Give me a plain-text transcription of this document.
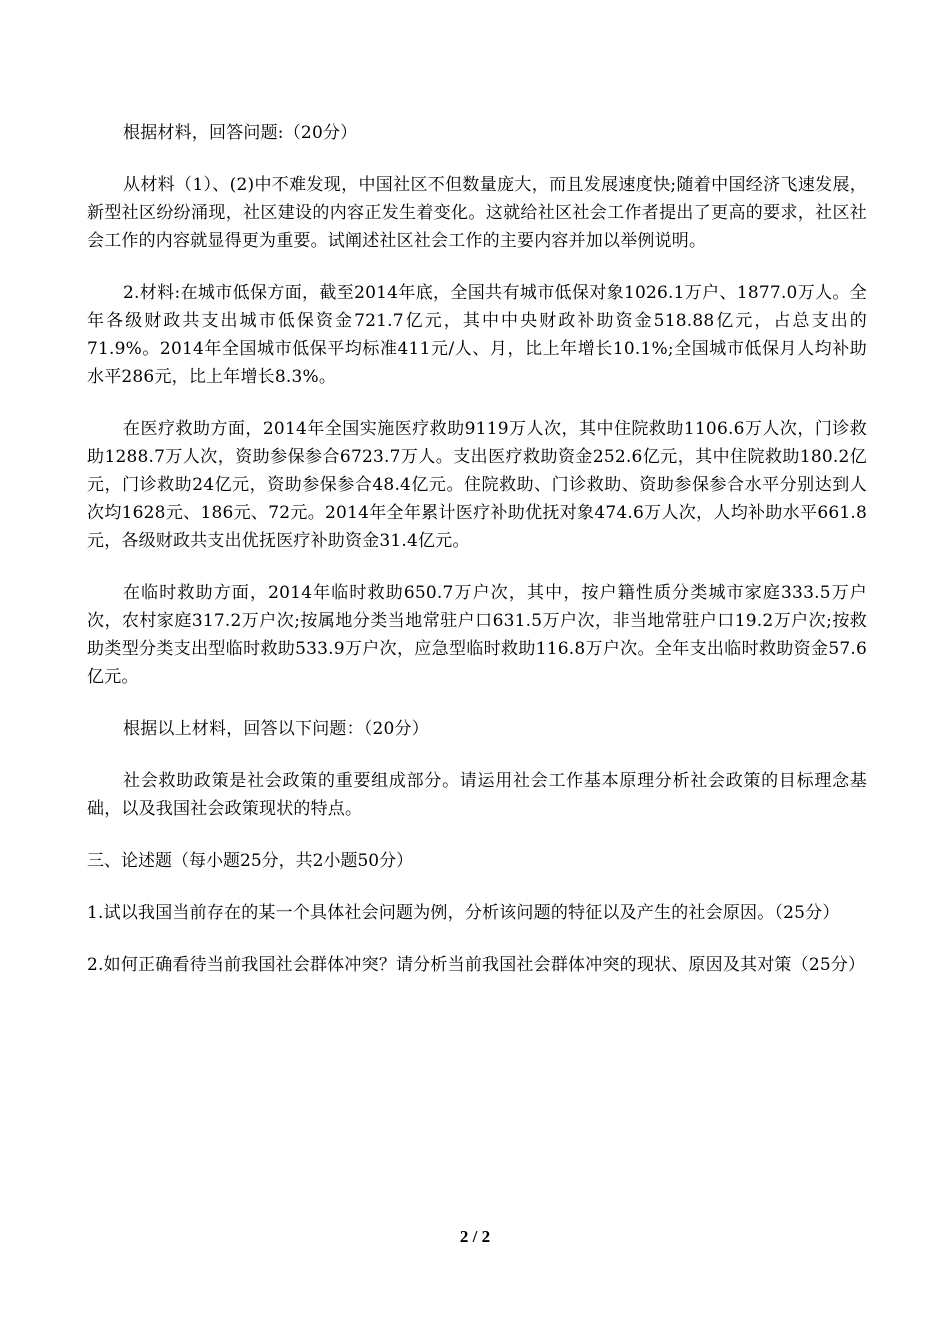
根据材料，回答问题:（20分）

从材料（1）、(2)中不难发现，中国社区不但数量庞大，而且发展速度快;随着中国经济飞速发展，新型社区纷纷涌现，社区建设的内容正发生着变化。这就给社区社会工作者提出了更高的要求，社区社会工作的内容就显得更为重要。试阐述社区社会工作的主要内容并加以举例说明。

2.材料:在城市低保方面，截至2014年底，全国共有城市低保对象1026.1万户、1877.0万人。全年各级财政共支出城市低保资金721.7亿元，其中中央财政补助资金518.88亿元，占总支出的71.9%。2014年全国城市低保平均标准411元/人、月，比上年增长10.1%;全国城市低保月人均补助水平286元，比上年增长8.3%。

在医疗救助方面，2014年全国实施医疗救助9119万人次，其中住院救助1106.6万人次，门诊救助1288.7万人次，资助参保参合6723.7万人。支出医疗救助资金252.6亿元，其中住院救助180.2亿元，门诊救助24亿元，资助参保参合48.4亿元。住院救助、门诊救助、资助参保参合水平分别达到人次均1628元、186元、72元。2014年全年累计医疗补助优抚对象474.6万人次，人均补助水平661.8元，各级财政共支出优抚医疗补助资金31.4亿元。

在临时救助方面，2014年临时救助650.7万户次，其中，按户籍性质分类城市家庭333.5万户次，农村家庭317.2万户次;按属地分类当地常驻户口631.5万户次，非当地常驻户口19.2万户次;按救助类型分类支出型临时救助533.9万户次，应急型临时救助116.8万户次。全年支出临时救助资金57.6亿元。

根据以上材料，回答以下问题：（20分）

社会救助政策是社会政策的重要组成部分。请运用社会工作基本原理分析社会政策的目标理念基础，以及我国社会政策现状的特点。

三、论述题（每小题25分，共2小题50分）

1.试以我国当前存在的某一个具体社会问题为例，分析该问题的特征以及产生的社会原因。（25分）

2.如何正确看待当前我国社会群体冲突？请分析当前我国社会群体冲突的现状、原因及其对策（25分）

2 / 2
